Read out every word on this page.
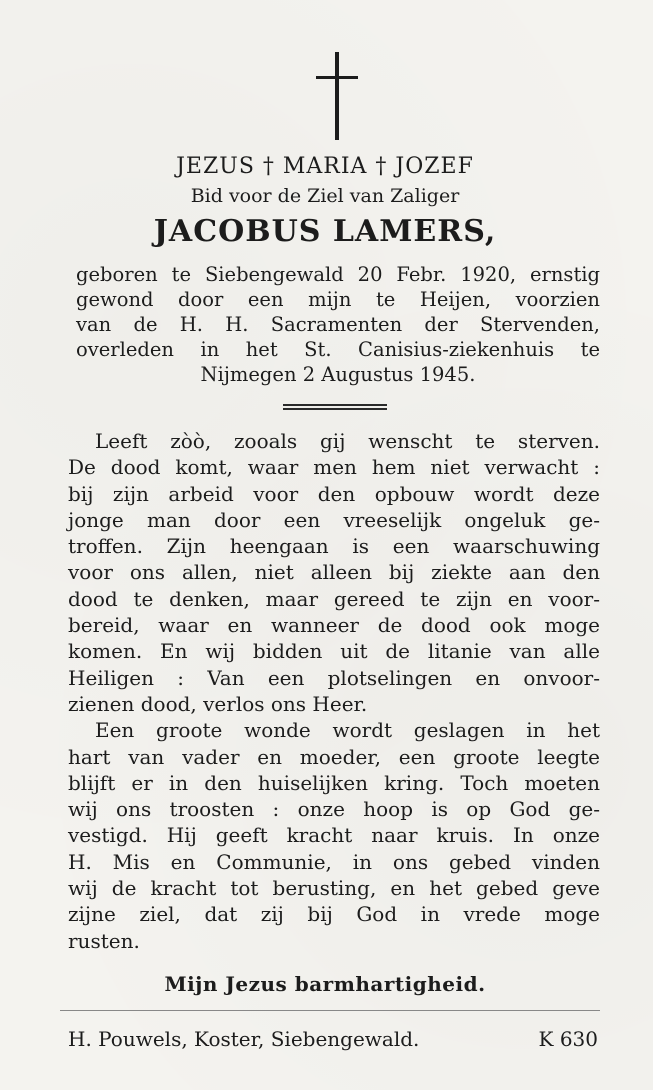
JEZUS † MARIA † JOZEF
Bid voor de Ziel van Zaliger
JACOBUS LAMERS,
geboren te Siebengewald 20 Febr. 1920, ernstig
gewond door een mijn te Heijen, voorzien
van de H. H. Sacramenten der Stervenden,
overleden in het St. Canisius-ziekenhuis te
Nijmegen 2 Augustus 1945.
Leeft zòò, zooals gij wenscht te sterven.
De dood komt, waar men hem niet verwacht :
bij zijn arbeid voor den opbouw wordt deze
jonge man door een vreeselijk ongeluk ge-
troffen. Zijn heengaan is een waarschuwing
voor ons allen, niet alleen bij ziekte aan den
dood te denken, maar gereed te zijn en voor-
bereid, waar en wanneer de dood ook moge
komen. En wij bidden uit de litanie van alle
Heiligen : Van een plotselingen en onvoor-
zienen dood, verlos ons Heer.
Een groote wonde wordt geslagen in het
hart van vader en moeder, een groote leegte
blijft er in den huiselijken kring. Toch moeten
wij ons troosten : onze hoop is op God ge-
vestigd. Hij geeft kracht naar kruis. In onze
H. Mis en Communie, in ons gebed vinden
wij de kracht tot berusting, en het gebed geve
zijne ziel, dat zij bij God in vrede moge
rusten.
Mijn Jezus barmhartigheid.
H. Pouwels, Koster, Siebengewald.	K 630
